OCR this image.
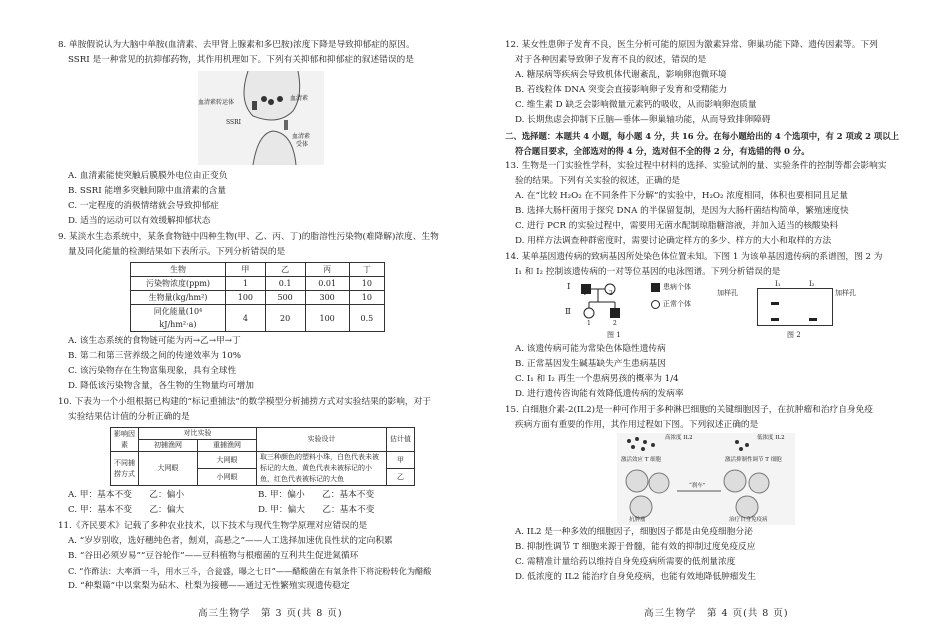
8. 单胺假说认为大脑中单胺(血清素、去甲肾上腺素和多巴胺)浓度下降是导致抑郁症的原因。
SSRI 是一种常见的抗抑郁药物，其作用机理如下。下列有关抑郁和抑郁症的叙述错误的是
血清素转运体
SSRI
血清素
血清素
受体
A. 血清素能使突触后膜膜外电位由正变负
B. SSRI 能增多突触间隙中血清素的含量
C. 一定程度的消极情绪就会导致抑郁症
D. 适当的运动可以有效缓解抑郁状态
9. 某淡水生态系统中，某条食物链中四种生物(甲、乙、丙、丁)的脂溶性污染物(难降解)浓度、生物
量及同化能量的检测结果如下表所示。下列分析错误的是
生物	甲	乙	丙	丁
污染物浓度(ppm)	1	0.1	0.01	10
生物量(kg/hm²)	100	500	300	10
同化能量(10⁴ kJ/hm²·a)	4	20	100	0.5
A. 该生态系统的食物链可能为丙→乙→甲→丁
B. 第二和第三营养级之间的传递效率为 10%
C. 该污染物存在生物富集现象，具有全球性
D. 降低该污染物含量，各生物的生物量均可增加
10. 下表为一个小组根据已构建的“标记重捕法”的数学模型分析捕捞方式对实验结果的影响，对于
实验结果估计值的分析正确的是
影响因素	对比实验		实验设计	估计值
	初捕渔网	重捕渔网		
不同捕捞方式	大网眼	大网眼	取三种颜色的塑料小珠，白色代表未被标记的大鱼，黄色代表未被标记的小鱼，红色代表被标记的大鱼	甲
		小网眼		乙
A. 甲：基本不变　　乙：偏小	B. 甲：偏小　　乙：基本不变
C. 甲：基本不变　　乙：偏大	D. 甲：偏大　　乙：基本不变
11.《齐民要术》记载了多种农业技术，以下技术与现代生物学原理对应错误的是
A. “岁岁别收，选好穗纯色者，劁刈，高悬之”——人工选择加速优良性状的定向积累
B. “谷田必须岁易”“豆谷轮作”——豆科植物与根瘤菌的互利共生促进氮循环
C. “作酢法：大率酒一斗，用水三斗，合瓮盛，曝之七日”——醋酸菌在有氧条件下将淀粉转化为醋酸
D. “种梨篇”中以棠梨为砧木、杜梨为接穗——通过无性繁殖实现遗传稳定
高三生物学　第 3 页(共 8 页)
12. 某女性患卵子发育不良，医生分析可能的原因为激素异常、卵巢功能下降、遗传因素等。下列
对于各种因素导致卵子发育不良的叙述，错误的是
A. 糖尿病等疾病会导致机体代谢紊乱，影响卵泡微环境
B. 若线粒体 DNA 突变会直接影响卵子发育和受精能力
C. 维生素 D 缺乏会影响微量元素钙的吸收，从而影响卵泡质量
D. 长期焦虑会抑制下丘脑—垂体—卵巢轴功能，从而导致排卵障碍
二、选择题：本题共 4 小题，每小题 4 分，共 16 分。在每小题给出的 4 个选项中，有 2 项或 2 项以上
符合题目要求，全部选对的得 4 分，选对但不全的得 2 分，有选错的得 0 分。
13. 生物是一门实验性学科，实验过程中材料的选择、实验试剂的量、实验条件的控制等都会影响实
验的结果。下列有关实验的叙述，正确的是
A. 在“比较 H₂O₂ 在不同条件下分解”的实验中，H₂O₂ 浓度相同，体积也要相同且足量
B. 选择大肠杆菌用于探究 DNA 的半保留复制，是因为大肠杆菌结构简单，繁殖速度快
C. 进行 PCR 的实验过程中，需要用无菌水配制琼脂糖溶液，并加入适当的核酸染料
D. 用样方法调查种群密度时，需要讨论确定样方的多少、样方的大小和取样的方法
14. 某单基因遗传病的致病基因所处染色体位置未知。下图 1 为该单基因遗传病的系谱图，图 2 为
Ⅰ₁ 和 Ⅰ₂ 控制该遗传病的一对等位基因的电泳图谱。下列分析错误的是
Ⅰ
Ⅱ
1	2
1	2
患病个体
正常个体
图 1
Ⅰ₁	Ⅰ₂
加样孔	加样孔
图 2
A. 该遗传病可能为常染色体隐性遗传病
B. 正常基因发生碱基缺失产生患病基因
C. Ⅰ₁ 和 Ⅰ₂ 再生一个患病男孩的概率为 1/4
D. 进行遗传咨询能有效降低遗传病的发病率
15. 白细胞介素-2(IL2)是一种可作用于多种淋巴细胞的关键细胞因子，在抗肿瘤和治疗自身免疫
疾病方面有重要的作用，其作用过程如下图。下列叙述正确的是
高浓度 IL2	低浓度 IL2
激活效应 T 细胞	激活抑制性调节 T 细胞
“刹车”
抗肿瘤	治疗自身免疫病
A. IL2 是一种多效的细胞因子，细胞因子都是由免疫细胞分泌
B. 抑制性调节 T 细胞来源于骨髓，能有效的抑制过度免疫反应
C. 需精准计量给药以维持自身免疫病所需要的低剂量浓度
D. 低浓度的 IL2 能治疗自身免疫病，也能有效地降低肿瘤发生
高三生物学　第 4 页(共 8 页)
